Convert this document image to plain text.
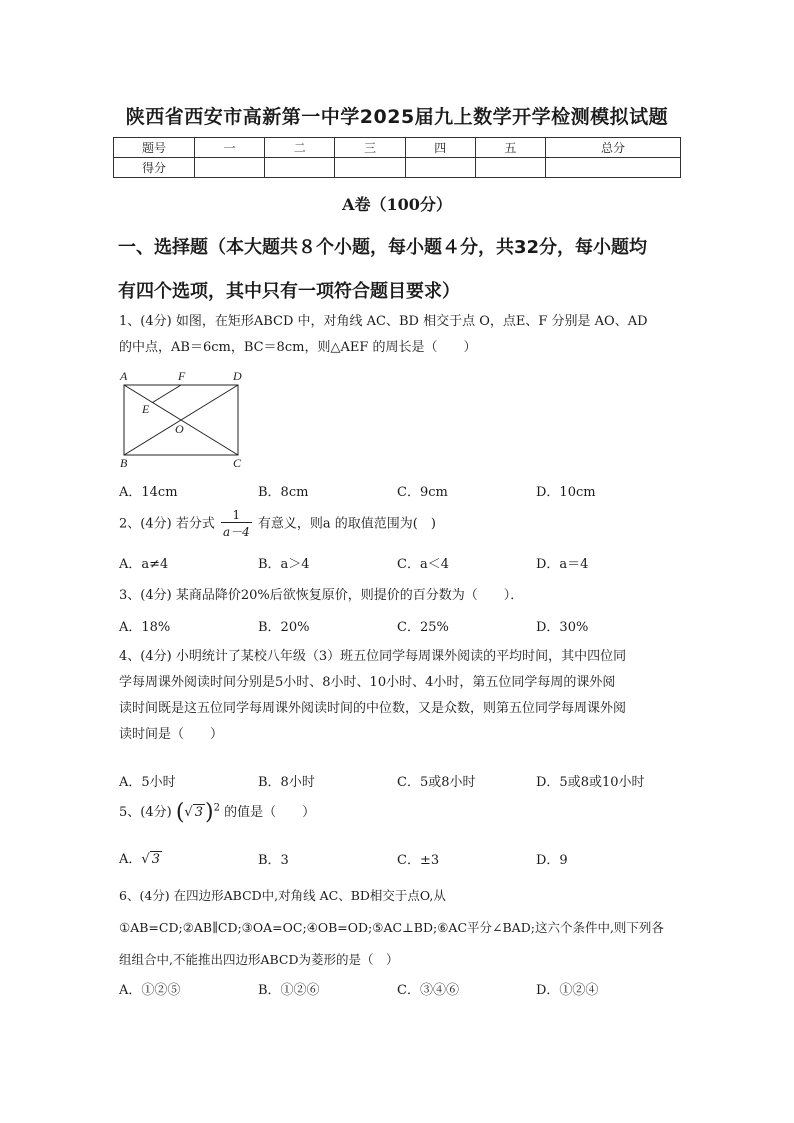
陕西省西安市高新第一中学2025届九上数学开学检测模拟试题
题号	一	二	三	四	五	总分
得分						
A卷（100分）
一、选择题（本大题共８个小题，每小题４分，共32分，每小题均
有四个选项，其中只有一项符合题目要求）
1、(4分) 如图，在矩形ABCD 中，对角线 AC、BD 相交于点 O，点E、F 分别是 AO、AD
的中点，AB＝6cm，BC＝8cm，则△AEF 的周长是（　　）
A	F	D
E
O
B	C
A．14cm	B．8cm	C．9cm	D．10cm
2、(4分) 若分式 $\frac{1}{a-4}$ 有意义，则a 的取值范围为(　)
A．a≠4	B．a＞4	C．a＜4	D．a＝4
3、(4分) 某商品降价20%后欲恢复原价，则提价的百分数为（　　）．
A．18%	B．20%	C．25%	D．30%
4、(4分) 小明统计了某校八年级（3）班五位同学每周课外阅读的平均时间，其中四位同
学每周课外阅读时间分别是5小时、8小时、10小时、4小时，第五位同学每周的课外阅
读时间既是这五位同学每周课外阅读时间的中位数，又是众数，则第五位同学每周课外阅
读时间是（　　）
A．5小时	B．8小时	C．5或8小时	D．5或8或10小时
5、(4分) (√ 3)$^2$ 的值是（　　）
A．√ 3	B．3	C．±3	D．9
6、(4分) 在四边形ABCD中,对角线 AC、BD相交于点O,从
①AB=CD;②AB∥CD;③OA=OC;④OB=OD;⑤AC⊥BD;⑥AC平分∠BAD;这六个条件中,则下列各
组组合中,不能推出四边形ABCD为菱形的是（　）
A．①②⑤	B．①②⑥	C．③④⑥	D．①②④
